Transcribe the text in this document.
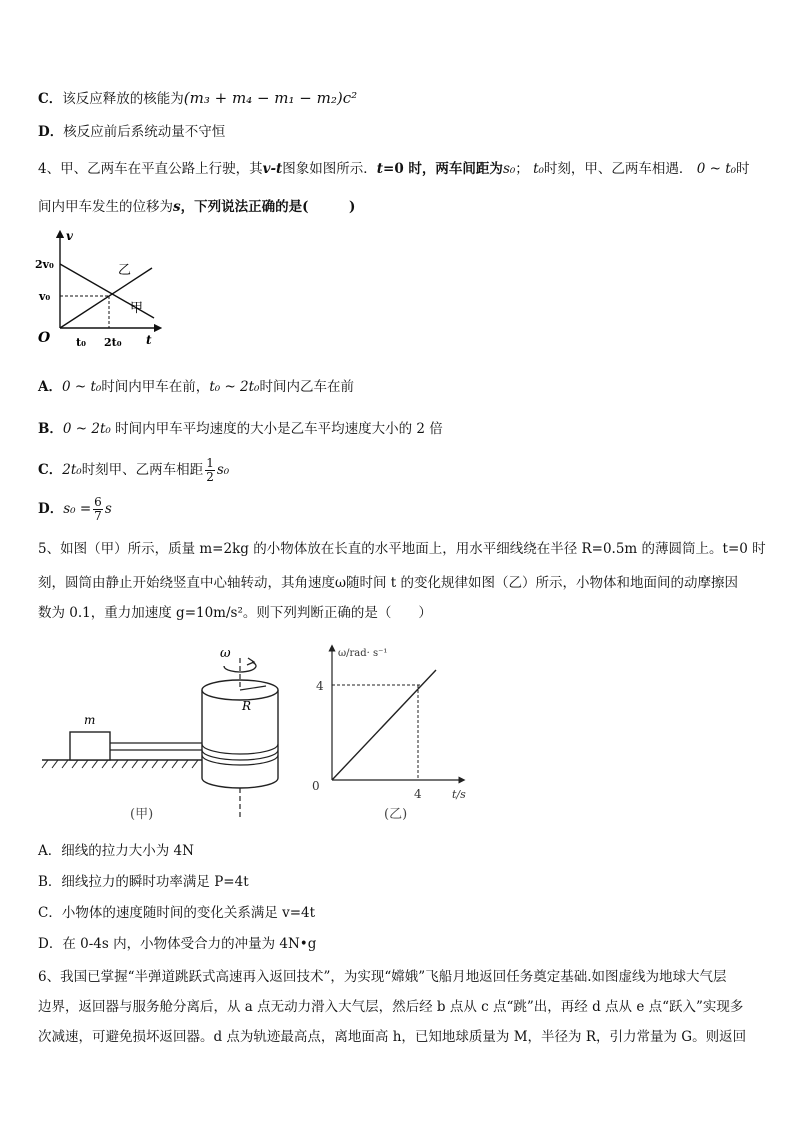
C．该反应释放的核能为(m₃ + m₄ − m₁ − m₂)c²
D．核反应前后系统动量不守恒
4、甲、乙两车在平直公路上行驶，其v-t图象如图所示．t=0 时，两车间距为s₀； t₀时刻，甲、乙两车相遇． 0 ~ t₀时
间内甲车发生的位移为s，下列说法正确的是(　　　)
v
t
O
2v₀
v₀
t₀ 2t₀
乙
甲
A．0 ~ t₀时间内甲车在前，t₀ ~ 2t₀时间内乙车在前
B．0 ~ 2t₀ 时间内甲车平均速度的大小是乙车平均速度大小的 2 倍
C．2t₀时刻甲、乙两车相距 $\frac{1}{2} s_0$
D．$s_0 = \frac{6}{7}$ s
5、如图（甲）所示，质量 m=2kg 的小物体放在长直的水平地面上，用水平细线绕在半径 R=0.5m 的薄圆筒上。t=0 时
刻，圆筒由静止开始绕竖直中心轴转动，其角速度ω随时间 t 的变化规律如图（乙）所示，小物体和地面间的动摩擦因
数为 0.1，重力加速度 g=10m/s²。则下列判断正确的是（　　）
m
R
ω
(甲)
ω/rad· s⁻¹
t/s
4
4
0
(乙)
A．细线的拉力大小为 4N
B．细线拉力的瞬时功率满足 P=4t
C．小物体的速度随时间的变化关系满足 v=4t
D．在 0-4s 内，小物体受合力的冲量为 4N•g
6、我国已掌握“半弹道跳跃式高速再入返回技术”，为实现“嫦娥”飞船月地返回任务奠定基础.如图虚线为地球大气层
边界，返回器与服务舱分离后，从 a 点无动力滑入大气层，然后经 b 点从 c 点“跳”出，再经 d 点从 e 点“跃入”实现多
次减速，可避免损坏返回器。d 点为轨迹最高点，离地面高 h，已知地球质量为 M，半径为 R，引力常量为 G。则返回
